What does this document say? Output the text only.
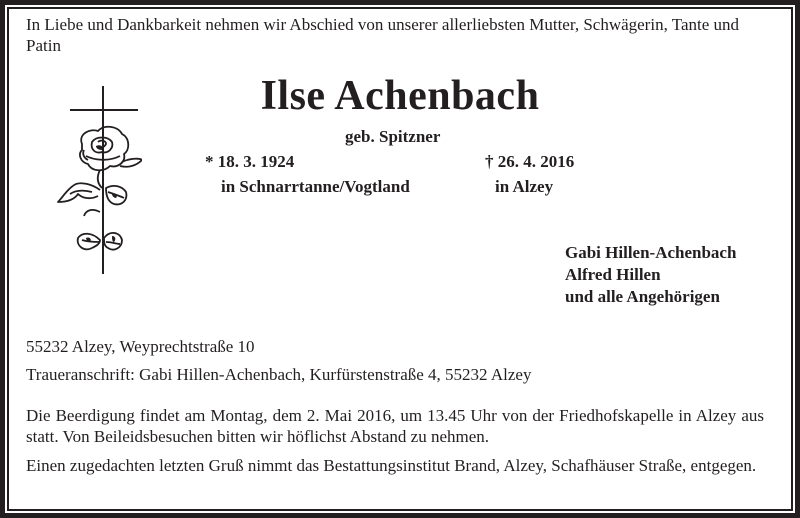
In Liebe und Dankbarkeit nehmen wir Abschied von unserer allerliebsten Mutter, Schwägerin, Tante und Patin
Ilse Achenbach
geb. Spitzner
* 18. 3. 1924
in Schnarrtanne/Vogtland
† 26. 4. 2016
in Alzey
Gabi Hillen-Achenbach
Alfred Hillen
und alle Angehörigen
55232 Alzey, Weyprechtstraße 10
Traueranschrift: Gabi Hillen-Achenbach, Kurfürstenstraße 4, 55232 Alzey
Die Beerdigung findet am Montag, dem 2. Mai 2016, um 13.45 Uhr von der Friedhofskapelle in Alzey aus statt. Von Beileidsbesuchen bitten wir höflichst Abstand zu nehmen.
Einen zugedachten letzten Gruß nimmt das Bestattungsinstitut Brand, Alzey, Schafhäuser Straße, entgegen.
